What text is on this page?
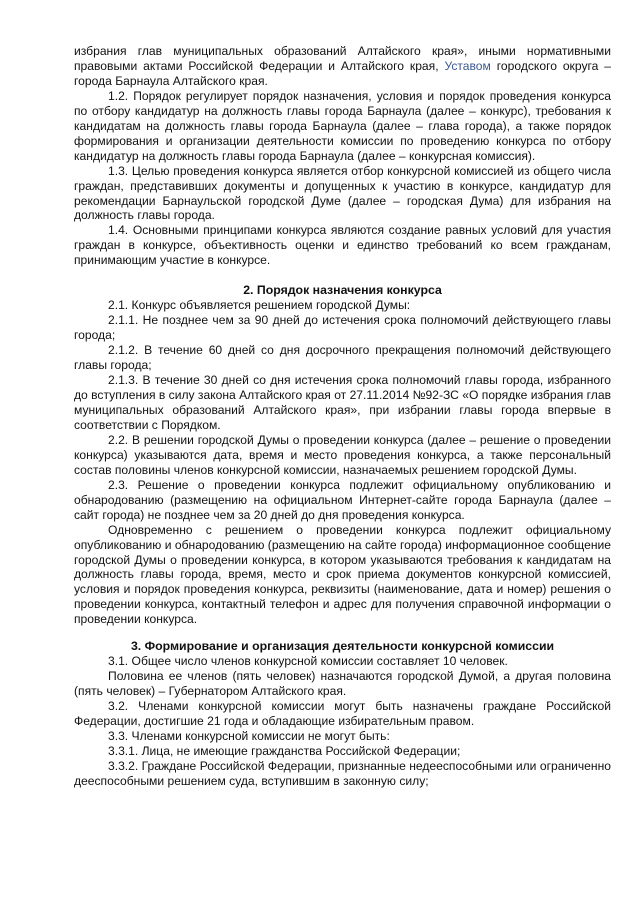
избрания глав муниципальных образований Алтайского края», иными нормативными правовыми актами Российской Федерации и Алтайского края, Уставом городского округа – города Барнаула Алтайского края.

1.2. Порядок регулирует порядок назначения, условия и порядок проведения конкурса по отбору кандидатур на должность главы города Барнаула (далее – конкурс), требования к кандидатам на должность главы города Барнаула (далее – глава города), а также порядок формирования и организации деятельности комиссии по проведению конкурса по отбору кандидатур на должность главы города Барнаула (далее – конкурсная комиссия).

1.3. Целью проведения конкурса является отбор конкурсной комиссией из общего числа граждан, представивших документы и допущенных к участию в конкурсе, кандидатур для рекомендации Барнаульской городской Думе (далее – городская Дума) для избрания на должность главы города.

1.4. Основными принципами конкурса являются создание равных условий для участия граждан в конкурсе, объективность оценки и единство требований ко всем гражданам, принимающим участие в конкурсе.

2. Порядок назначения конкурса

2.1. Конкурс объявляется решением городской Думы:

2.1.1. Не позднее чем за 90 дней до истечения срока полномочий действующего главы города;

2.1.2. В течение 60 дней со дня досрочного прекращения полномочий действующего главы города;

2.1.3. В течение 30 дней со дня истечения срока полномочий главы города, избранного до вступления в силу закона Алтайского края от 27.11.2014 №92-ЗС «О порядке избрания глав муниципальных образований Алтайского края», при избрании главы города впервые в соответствии с Порядком.

2.2. В решении городской Думы о проведении конкурса (далее – решение о проведении конкурса) указываются дата, время и место проведения конкурса, а также персональный состав половины членов конкурсной комиссии, назначаемых решением городской Думы.

2.3. Решение о проведении конкурса подлежит официальному опубликованию и обнародованию (размещению на официальном Интернет-сайте города Барнаула (далее – сайт города) не позднее чем за 20 дней до дня проведения конкурса.

Одновременно с решением о проведении конкурса подлежит официальному опубликованию и обнародованию (размещению на сайте города) информационное сообщение городской Думы о проведении конкурса, в котором указываются требования к кандидатам на должность главы города, время, место и срок приема документов конкурсной комиссией, условия и порядок проведения конкурса, реквизиты (наименование, дата и номер) решения о проведении конкурса, контактный телефон и адрес для получения справочной информации о проведении конкурса.

3. Формирование и организация деятельности конкурсной комиссии

3.1. Общее число членов конкурсной комиссии составляет 10 человек.

Половина ее членов (пять человек) назначаются городской Думой, а другая половина (пять человек) – Губернатором Алтайского края.

3.2. Членами конкурсной комиссии могут быть назначены граждане Российской Федерации, достигшие 21 года и обладающие избирательным правом.

3.3. Членами конкурсной комиссии не могут быть:

3.3.1. Лица, не имеющие гражданства Российской Федерации;

3.3.2. Граждане Российской Федерации, признанные недееспособными или ограниченно дееспособными решением суда, вступившим в законную силу;
